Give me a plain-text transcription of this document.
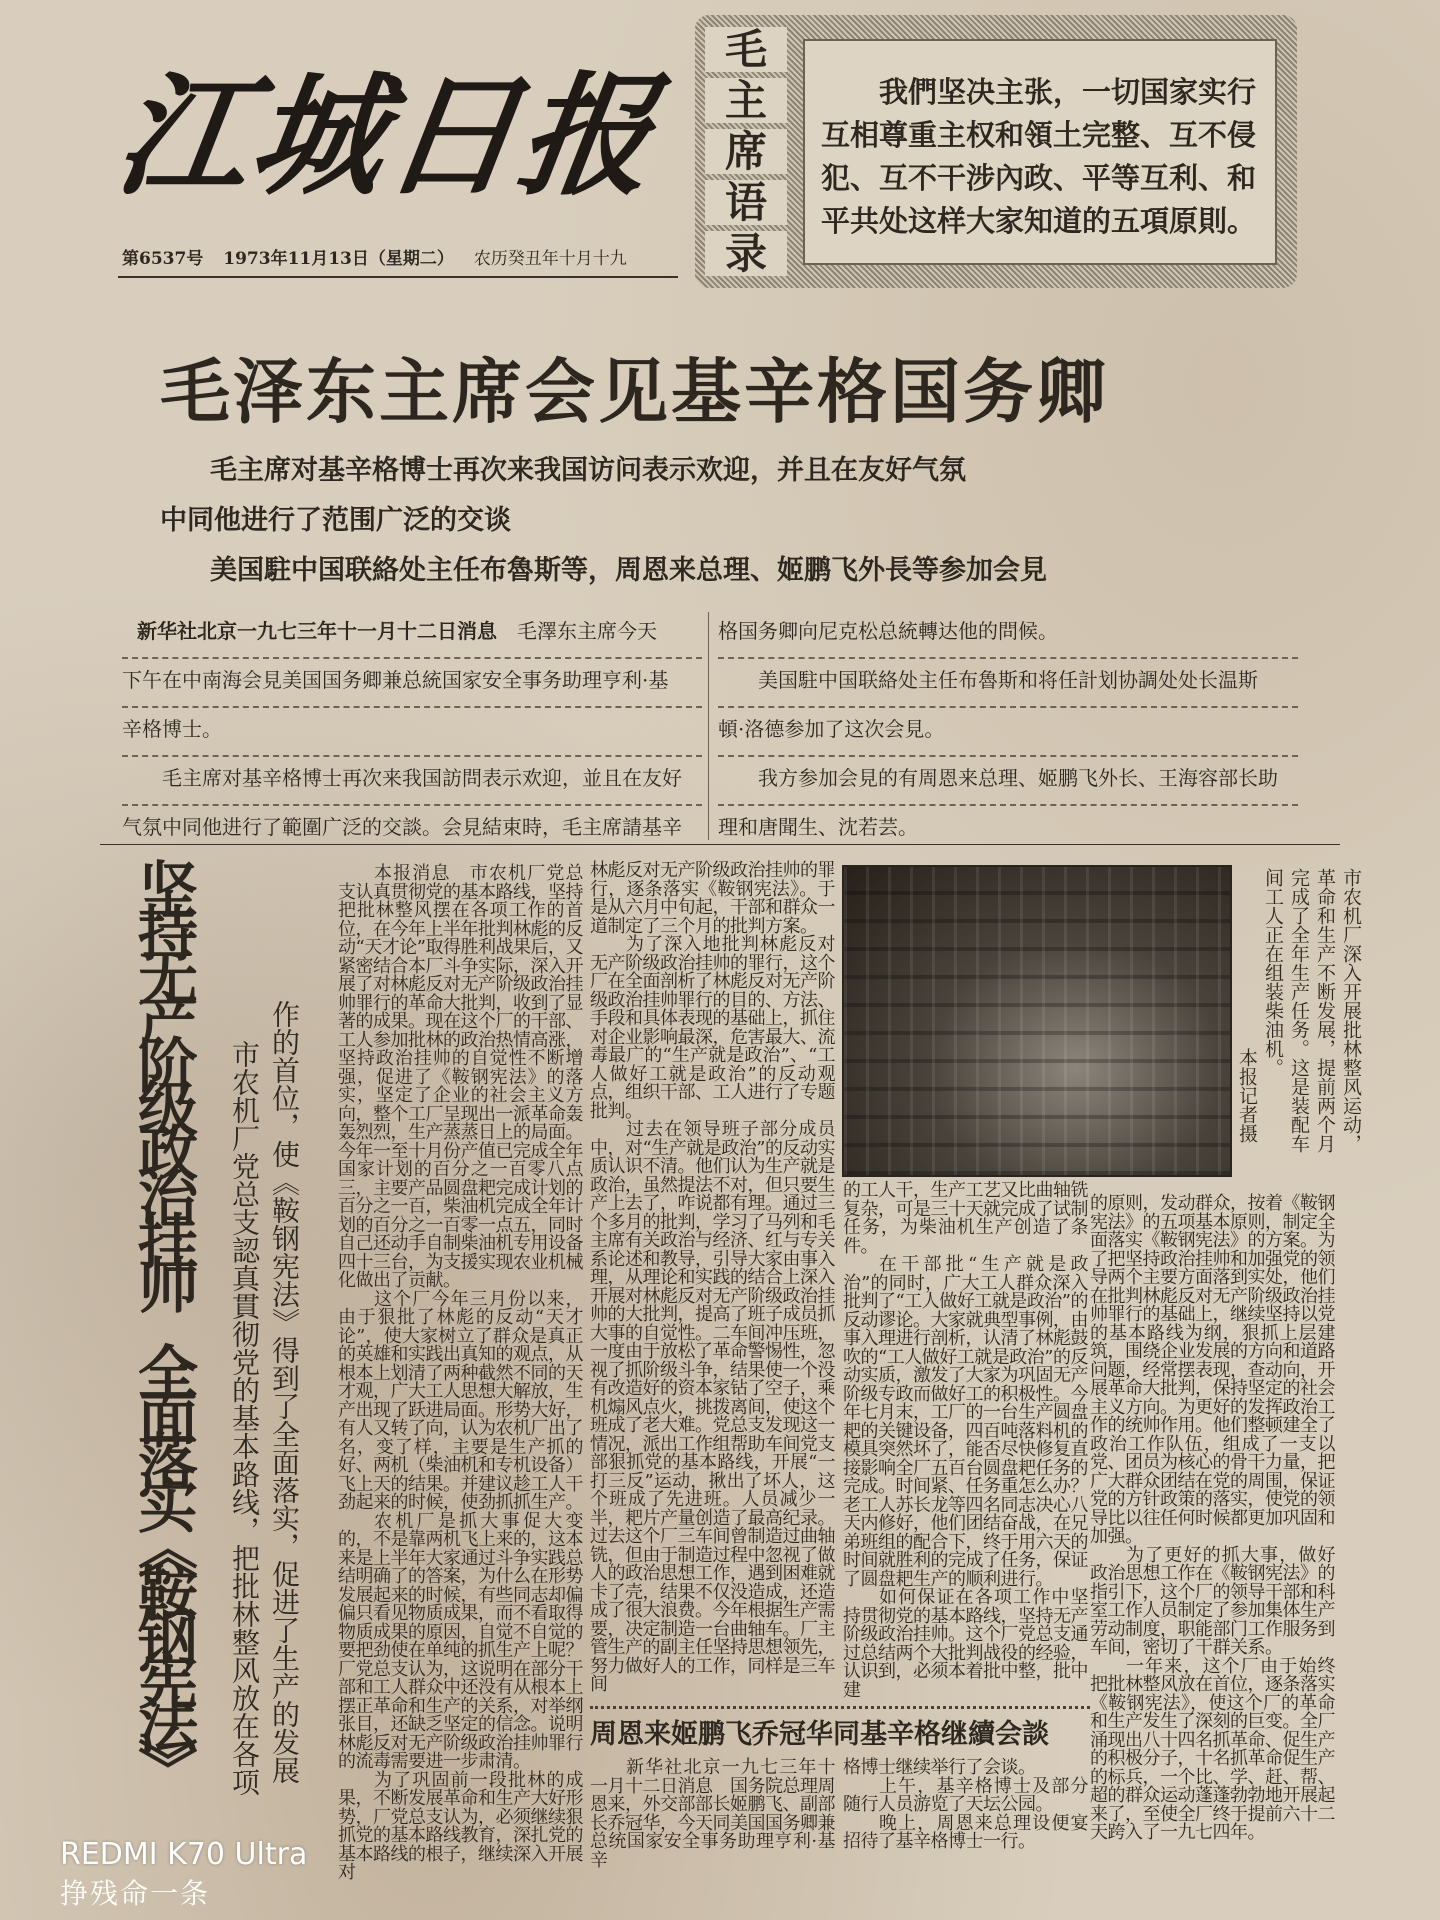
江城日报
第6537号 1973年11月13日（星期二） 农历癸丑年十月十九
毛
主
席
语
录
我們坚决主张，一切国家实行互相尊重主权和領土完整、互不侵犯、互不干涉內政、平等互利、和平共处这样大家知道的五項原則。
毛泽东主席会见基辛格国务卿
毛主席对基辛格博士再次来我国访问表示欢迎，并且在友好气氛
中同他进行了范围广泛的交谈
美国駐中国联絡处主任布魯斯等，周恩来总理、姬鹏飞外長等参加会見
新华社北京一九七三年十一月十二日消息　毛澤东主席今天
下午在中南海会見美国国务卿兼总統国家安全事务助理亨利·基
辛格博士。
　　毛主席对基辛格博士再次来我国訪問表示欢迎，並且在友好
气氛中同他进行了範圍广泛的交談。会見結束時，毛主席請基辛
格国务卿向尼克松总統轉达他的問候。
　　美国駐中国联絡处主任布魯斯和将任計划协調处处长温斯
頓·洛德参加了这次会見。
　　我方参加会見的有周恩来总理、姬鹏飞外长、王海容部长助
理和唐聞生、沈若芸。
坚持无产阶级政治挂帅　全面落实《鞍钢宪法》	市农机厂党总支認真貫彻党的基本路线，把批林整风放在各项 作的首位，使《鞍钢宪法》得到了全面落实，促进了生产的发展

本报消息　市农机厂党总支认真贯彻党的基本路线，坚持把批林整风摆在各项工作的首位，在今年上半年批判林彪的反动“天才论”取得胜利战果后，又紧密结合本厂斗争实际，深入开展了对林彪反对无产阶级政治挂帅罪行的革命大批判，收到了显著的成果。现在这个厂的干部、工人参加批林的政治热情高涨，坚持政治挂帅的自觉性不断增强，促进了《鞍钢宪法》的落实，坚定了企业的社会主义方向，整个工厂呈现出一派革命轰轰烈烈，生产蒸蒸日上的局面。今年一至十月份产值已完成全年国家计划的百分之一百零八点三，主要产品圆盘耙完成计划的百分之一百，柴油机完成全年计划的百分之一百零一点五，同时自己还动手自制柴油机专用设备四十三台，为支援实现农业机械化做出了贡献。

这个厂今年三月份以来，由于狠批了林彪的反动“天才论”，使大家树立了群众是真正的英雄和实践出真知的观点，从根本上划清了两种截然不同的天才观，广大工人思想大解放，生产出现了跃进局面。形势大好，有人又转了向，认为农机厂出了名，变了样，主要是生产抓的好、两机（柴油机和专机设备）飞上天的结果。并建议趁工人干劲起来的时候，使劲抓抓生产。

农机厂是抓大事促大变的，不是靠两机飞上来的，这本来是上半年大家通过斗争实践总结明确了的答案，为什么在形势发展起来的时候，有些同志却偏偏只看见物质成果，而不看取得物质成果的原因，自觉不自觉的要把劲使在单纯的抓生产上呢？厂党总支认为，这说明在部分干部和工人群众中还没有从根本上摆正革命和生产的关系，对举纲张目，还缺乏坚定的信念。说明林彪反对无产阶级政治挂帅罪行的流毒需要进一步肃清。

为了巩固前一段批林的成果，不断发展革命和生产大好形势，厂党总支认为，必须继续狠抓党的基本路线教育，深扎党的基本路线的根子，继续深入开展对

林彪反对无产阶级政治挂帅的罪行，逐条落实《鞍钢宪法》。于是从六月中旬起，干部和群众一道制定了三个月的批判方案。

为了深入地批判林彪反对无产阶级政治挂帅的罪行，这个厂在全面剖析了林彪反对无产阶级政治挂帅罪行的目的、方法、手段和具体表现的基础上，抓住对企业影响最深，危害最大、流毒最广的“生产就是政治”、“工人做好工就是政治”的反动观点，组织干部、工人进行了专题批判。

过去在领导班子部分成员中，对“生产就是政治”的反动实质认识不清。他们认为生产就是政治，虽然提法不对，但只要生产上去了，咋说都有理。通过三个多月的批判，学习了马列和毛主席有关政治与经济、红与专关系论述和教导，引导大家由事入理，从理论和实践的结合上深入开展对林彪反对无产阶级政治挂帅的大批判，提高了班子成员抓大事的自觉性。二车间冲压班，一度由于放松了革命警惕性，忽视了抓阶级斗争，结果使一个没有改造好的资本家钻了空子，乘机煽风点火，挑拨离间，使这个班成了老大难。党总支发现这一情况，派出工作组帮助车间党支部狠抓党的基本路线，开展“一打三反”运动，揪出了坏人，这个班成了先进班。人员减少一半，耙片产量创造了最高纪录。过去这个厂三车间曾制造过曲轴铣，但由于制造过程中忽视了做人的政治思想工作，遇到困难就卡了壳，结果不仅没造成，还造成了很大浪费。今年根据生产需要，决定制造一台曲轴车。厂主管生产的副主任坚持思想领先，努力做好人的工作，同样是三车间

的工人干，生产工艺又比曲轴铣复杂，可是三十天就完成了试制任务，为柴油机生产创造了条件。

在干部批“生产就是政治”的同时，广大工人群众深入批判了“工人做好工就是政治”的反动谬论。大家就典型事例，由事入理进行剖析，认清了林彪鼓吹的“工人做好工就是政治”的反动实质，激发了大家为巩固无产阶级专政而做好工的积极性。今年七月末，工厂的一台生产圆盘耙的关键设备，四百吨落料机的模具突然坏了，能否尽快修复直接影响全厂五百台圆盘耙任务的完成。时间紧、任务重怎么办？老工人苏长龙等四名同志决心八天内修好，他们团结奋战，在兄弟班组的配合下，终于用六天的时间就胜利的完成了任务，保证了圆盘耙生产的顺利进行。

如何保证在各项工作中坚持贯彻党的基本路线，坚持无产阶级政治挂帅。这个厂党总支通过总结两个大批判战役的经验，认识到，必须本着批中整，批中建

周恩来姬鹏飞乔冠华同基辛格继續会談

新华社北京一九七三年十一月十二日消息　国务院总理周恩来，外交部部长姬鹏飞、副部长乔冠华，今天同美国国务卿兼总统国家安全事务助理亨利·基辛

格博士继续举行了会谈。

上午，基辛格博士及部分随行人员游览了天坛公园。

晚上，周恩来总理设便宴招待了基辛格博士一行。

市农机厂深入开展批林整风运动，革命和生产不断发展，提前两个月完成了全年生产任务。这是装配车间工人正在组装柴油机。
本报记者摄

的原则，发动群众，按着《鞍钢宪法》的五项基本原则，制定全面落实《鞍钢宪法》的方案。为了把坚持政治挂帅和加强党的领导两个主要方面落到实处，他们在批判林彪反对无产阶级政治挂帅罪行的基础上，继续坚持以党的基本路线为纲，狠抓上层建筑，围绕企业发展的方向和道路问题，经常摆表现，查动向，开展革命大批判，保持坚定的社会主义方向。为更好的发挥政治工作的统帅作用。他们整顿建全了政治工作队伍，组成了一支以党、团员为核心的骨干力量，把广大群众团结在党的周围，保证党的方针政策的落实，使党的领导比以往任何时候都更加巩固和加强。

为了更好的抓大事，做好政治思想工作在《鞍钢宪法》的指引下，这个厂的领导干部和科室工作人员制定了参加集体生产劳动制度，职能部门工作服务到车间，密切了干群关系。

一年来，这个厂由于始终把批林整风放在首位，逐条落实《鞍钢宪法》，使这个厂的革命和生产发生了深刻的巨变。全厂涌现出八十四名抓革命、促生产的积极分子，十名抓革命促生产的标兵，一个比、学、赶、帮、超的群众运动蓬蓬勃勃地开展起来了，至使全厂终于提前六十二天跨入了一九七四年。

REDMI K70 Ultra
挣残命一条
